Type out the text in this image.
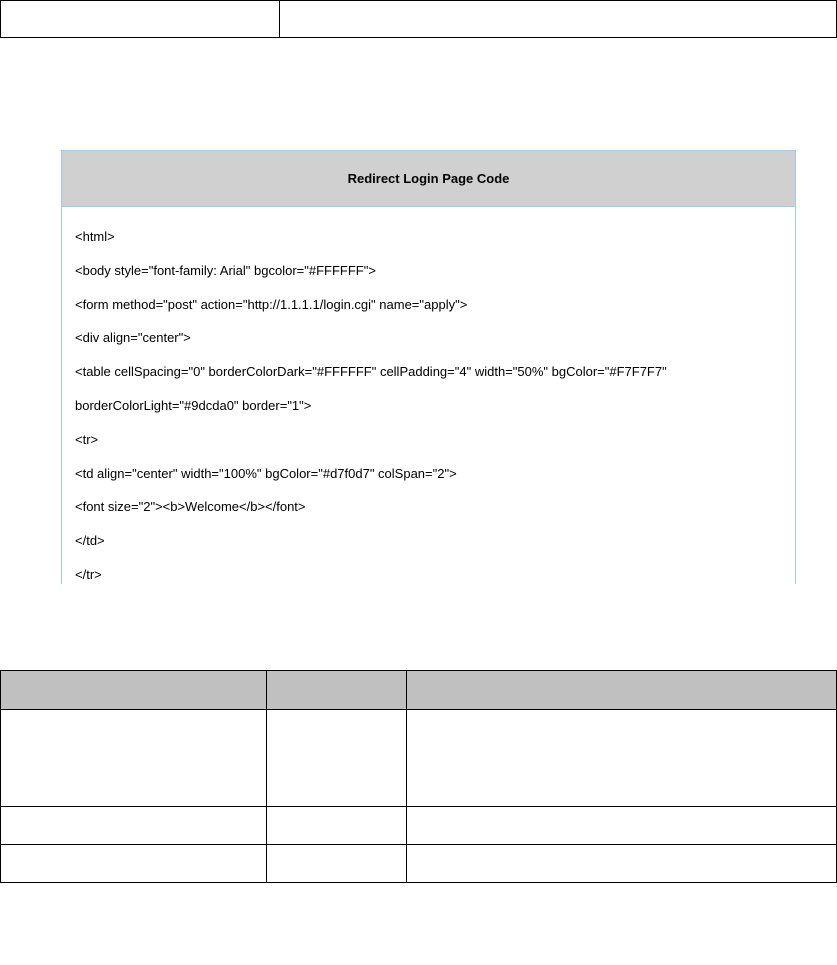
Redirect Login Page Code
<html>
<body style="font-family: Arial" bgcolor="#FFFFFF">
<form method="post" action="http://1.1.1.1/login.cgi" name="apply">
<div align="center">
<table cellSpacing="0" borderColorDark="#FFFFFF" cellPadding="4" width="50%" bgColor="#F7F7F7"
borderColorLight="#9dcda0" border="1">
<tr>
<td align="center" width="100%" bgColor="#d7f0d7" colSpan="2">
<font size="2"><b>Welcome</b></font>
</td>
</tr>
